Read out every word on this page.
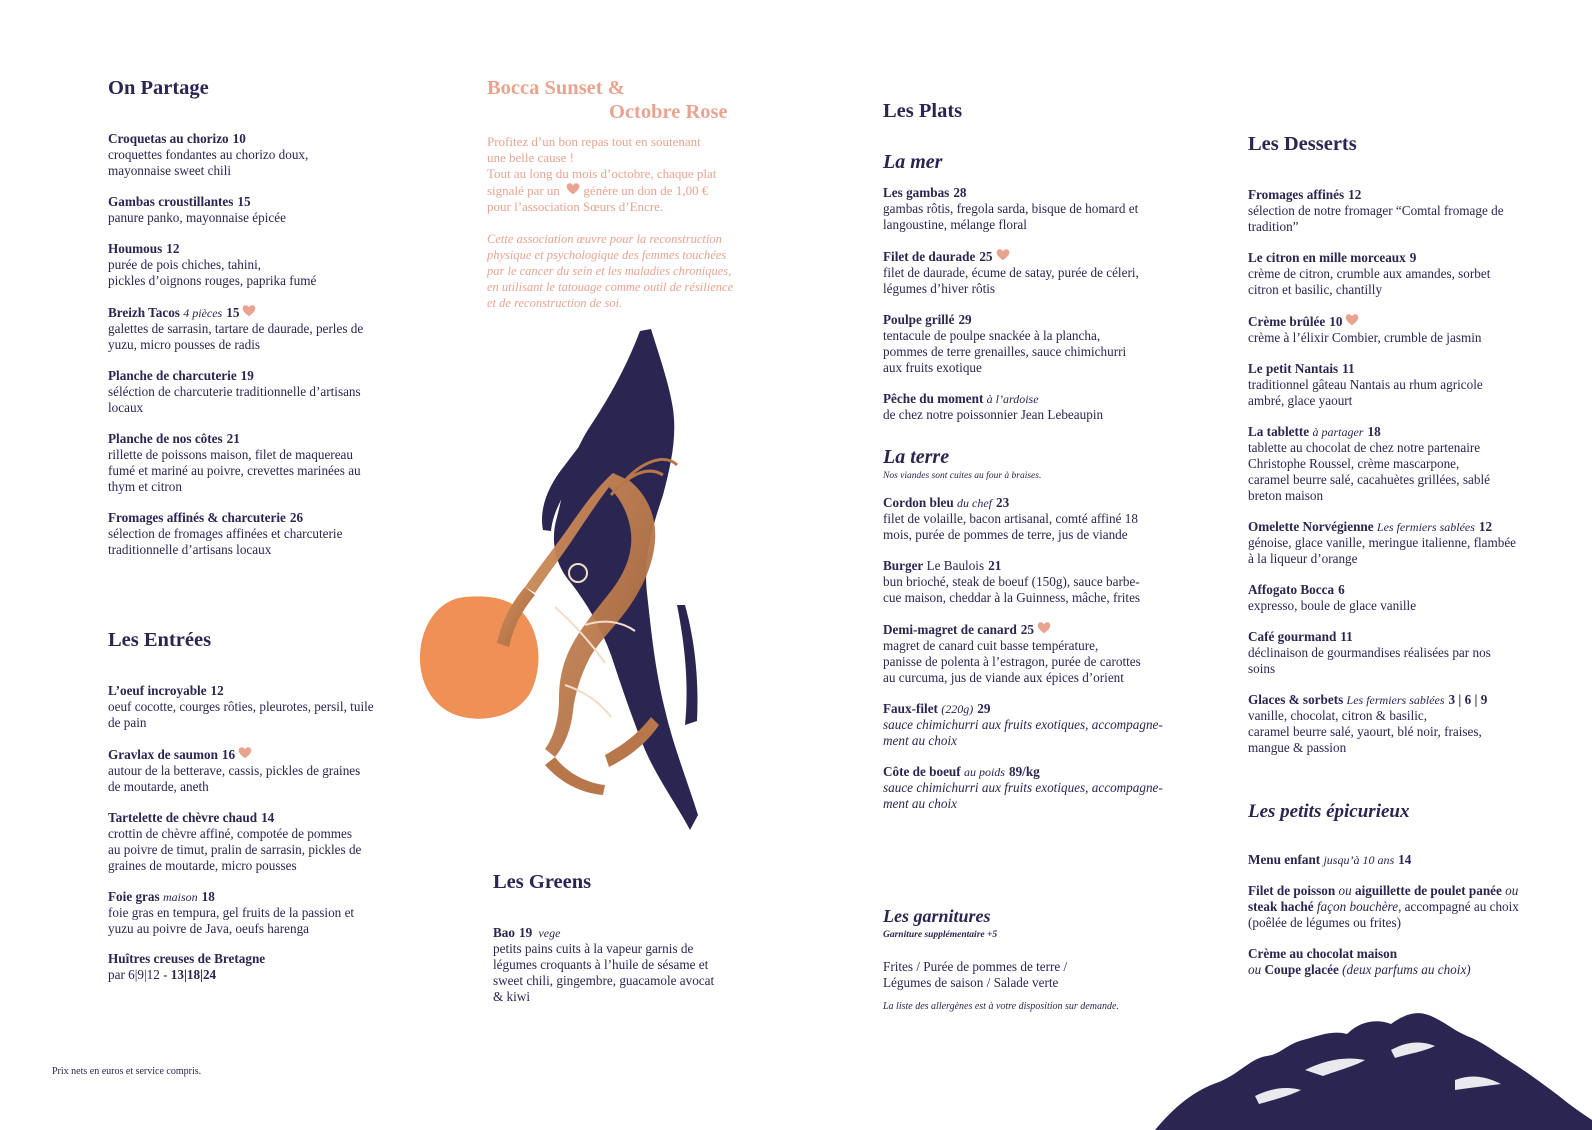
On Partage
Croquetas au chorizo 10
croquettes fondantes au chorizo doux,
mayonnaise sweet chili
Gambas croustillantes 15
panure panko, mayonnaise épicée
Houmous 12
purée de pois chiches, tahini,
pickles d’oignons rouges, paprika fumé
Breizh Tacos 4 pièces 15
galettes de sarrasin, tartare de daurade, perles de
yuzu, micro pousses de radis
Planche de charcuterie 19
séléction de charcuterie traditionnelle d’artisans
locaux
Planche de nos côtes 21
rillette de poissons maison, filet de maquereau
fumé et mariné au poivre, crevettes marinées au
thym et citron
Fromages affinés & charcuterie 26
sélection de fromages affinées et charcuterie
traditionnelle d’artisans locaux
Les Entrées
L’oeuf incroyable 12
oeuf cocotte, courges rôties, pleurotes, persil, tuile
de pain
Gravlax de saumon 16
autour de la betterave, cassis, pickles de graines
de moutarde, aneth
Tartelette de chèvre chaud 14
crottin de chèvre affiné, compotée de pommes
au poivre de timut, pralin de sarrasin, pickles de
graines de moutarde, micro pousses
Foie gras maison 18
foie gras en tempura, gel fruits de la passion et
yuzu au poivre de Java, oeufs harenga
Huîtres creuses de Bretagne
par 6|9|12 - 13|18|24
Prix nets en euros et service compris.
Bocca Sunset &
Octobre Rose
Profitez d’un bon repas tout en soutenant
une belle cause !
Tout au long du mois d’octobre, chaque plat
signalé par un génère un don de 1,00 €
pour l’association Sœurs d’Encre.
Cette association œuvre pour la reconstruction
physique et psychologique des femmes touchées
par le cancer du sein et les maladies chroniques,
en utilisant le tatouage comme outil de résilience
et de reconstruction de soi.
Les Greens
Bao 19 vege
petits pains cuits à la vapeur garnis de
légumes croquants à l’huile de sésame et
sweet chili, gingembre, guacamole avocat
& kiwi
Les Plats
La mer
Les gambas 28
gambas rôtis, fregola sarda, bisque de homard et
langoustine, mélange floral
Filet de daurade 25
filet de daurade, écume de satay, purée de céleri,
légumes d’hiver rôtis
Poulpe grillé 29
tentacule de poulpe snackée à la plancha,
pommes de terre grenailles, sauce chimichurri
aux fruits exotique
Pêche du moment à l’ardoise
de chez notre poissonnier Jean Lebeaupin
La terre
Nos viandes sont cuites au four à braises.
Cordon bleu du chef 23
filet de volaille, bacon artisanal, comté affiné 18
mois, purée de pommes de terre, jus de viande
Burger Le Baulois 21
bun brioché, steak de boeuf (150g), sauce barbe-
cue maison, cheddar à la Guinness, mâche, frites
Demi-magret de canard 25
magret de canard cuit basse température,
panisse de polenta à l’estragon, purée de carottes
au curcuma, jus de viande aux épices d’orient
Faux-filet (220g) 29
sauce chimichurri aux fruits exotiques, accompagne-
ment au choix
Côte de boeuf au poids 89/kg
sauce chimichurri aux fruits exotiques, accompagne-
ment au choix
Les garnitures
Garniture supplémentaire +5
Frites / Purée de pommes de terre /
Légumes de saison / Salade verte
La liste des allergènes est à votre disposition sur demande.
Les Desserts
Fromages affinés 12
sélection de notre fromager “Comtal fromage de
tradition”
Le citron en mille morceaux 9
crème de citron, crumble aux amandes, sorbet
citron et basilic, chantilly
Crème brûlée 10
crème à l’élixir Combier, crumble de jasmin
Le petit Nantais 11
traditionnel gâteau Nantais au rhum agricole
ambré, glace yaourt
La tablette à partager 18
tablette au chocolat de chez notre partenaire
Christophe Roussel, crème mascarpone,
caramel beurre salé, cacahuètes grillées, sablé
breton maison
Omelette Norvégienne Les fermiers sablées 12
génoise, glace vanille, meringue italienne, flambée
à la liqueur d’orange
Affogato Bocca 6
expresso, boule de glace vanille
Café gourmand 11
déclinaison de gourmandises réalisées par nos
soins
Glaces & sorbets Les fermiers sablées 3 | 6 | 9
vanille, chocolat, citron & basilic,
caramel beurre salé, yaourt, blé noir, fraises,
mangue & passion
Les petits épicurieux
Menu enfant jusqu’à 10 ans 14
Filet de poisson ou aiguillette de poulet panée ou
steak haché façon bouchère, accompagné au choix
(poêlée de légumes ou frites)
Crème au chocolat maison
ou Coupe glacée (deux parfums au choix)
